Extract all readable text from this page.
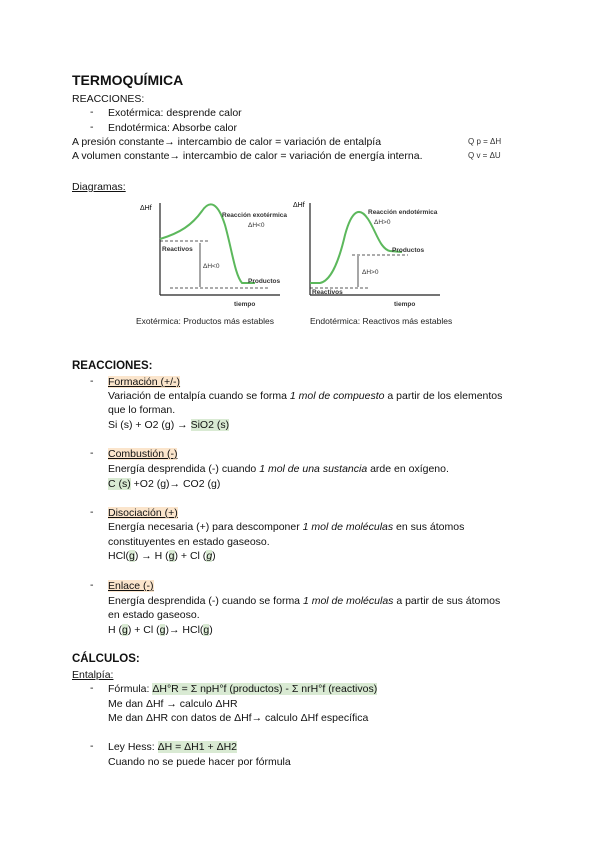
TERMOQUÍMICA
REACCIONES:
- Exotérmica: desprende calor
- Endotérmica: Absorbe calor
A presión constante→ intercambio de calor = variación de entalpía	Q p = ΔH
A volumen constante→ intercambio de calor = variación de energía interna.	Q v = ΔU
Diagramas:
ΔHf
Reacción exotérmica
ΔH<0
Reactivos
ΔH<0
Productos
tiempo
ΔHf
Reacción endotérmica
ΔH>0
Productos
ΔH>0
Reactivos
tiempo
Exotérmica: Productos más estables	Endotérmica: Reactivos más estables
REACCIONES:
- Formación (+/-)
Variación de entalpía cuando se forma 1 mol de compuesto a partir de los elementos
que lo forman.
Si (s) + O2 (g) → SiO2 (s)
- Combustión (-)
Energía desprendida (-) cuando 1 mol de una sustancia arde en oxígeno.
C (s) +O2 (g)→ CO2 (g)
- Disociación (+)
Energía necesaria (+) para descomponer 1 mol de moléculas en sus átomos
constituyentes en estado gaseoso.
HCl(g) → H (g) + Cl (g)
- Enlace (-)
Energía desprendida (-) cuando se forma 1 mol de moléculas a partir de sus átomos
en estado gaseoso.
H (g) + Cl (g)→ HCl(g)
CÁLCULOS:
Entalpía:
- Fórmula: ΔH°R = Σ npH°f (productos) - Σ nrH°f (reactivos)
Me dan ΔHf → calculo ΔHR
Me dan ΔHR con datos de ΔHf→ calculo ΔHf específica
- Ley Hess: ΔH = ΔH1 + ΔH2
Cuando no se puede hacer por fórmula
